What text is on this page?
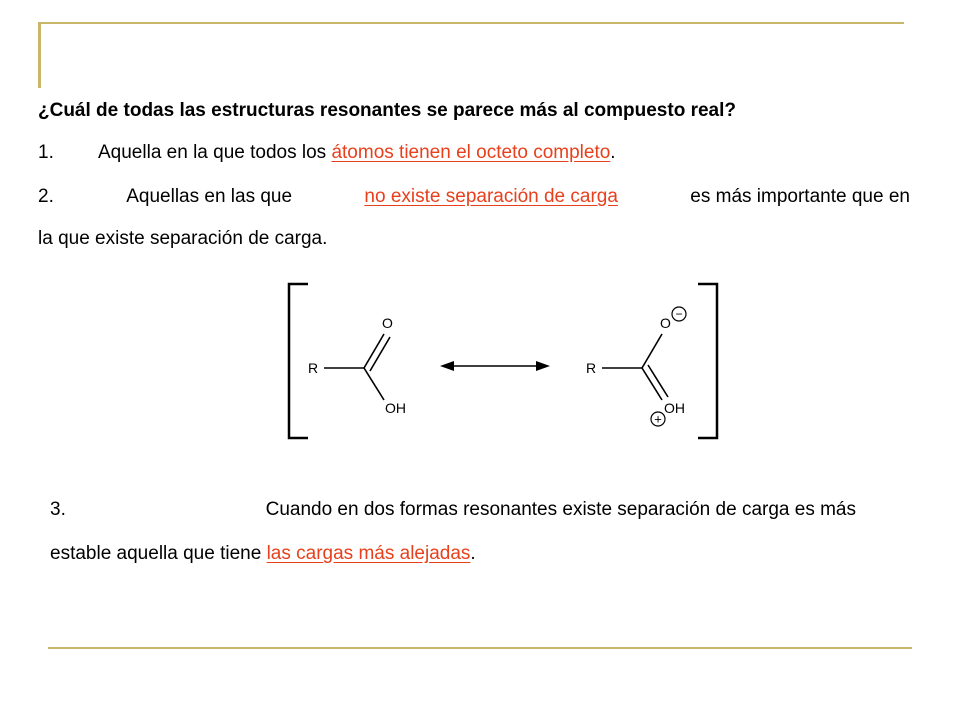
¿Cuál de todas las estructuras resonantes se parece más al compuesto real?
1. Aquella en la que todos los átomos tienen el octeto completo.
2.	Aquellas en las que	no existe separación de carga	es más importante que en
la que existe separación de carga.
R
O
OH
R
O
OH
−
+
3.	Cuando en dos formas resonantes existe separación de carga es más
estable aquella que tiene las cargas más alejadas.
